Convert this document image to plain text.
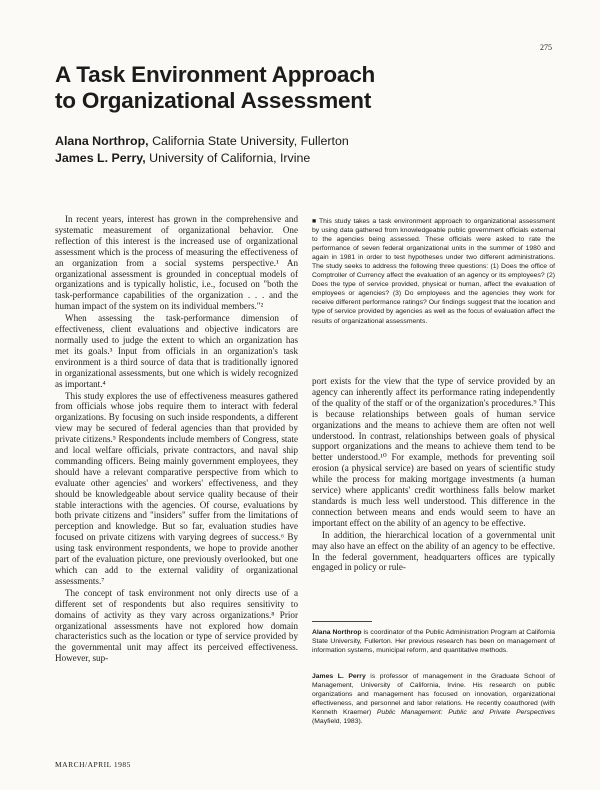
275
A Task Environment Approach
to Organizational Assessment
Alana Northrop, California State University, Fullerton
James L. Perry, University of California, Irvine

In recent years, interest has grown in the comprehensive and systematic measurement of organizational behavior. One reflection of this interest is the increased use of organizational assessment which is the process of measuring the effectiveness of an organization from a social systems perspective.¹ An organizational assessment is grounded in conceptual models of organizations and is typically holistic, i.e., focused on "both the task-performance capabilities of the organization . . . and the human impact of the system on its individual members."²

When assessing the task-performance dimension of effectiveness, client evaluations and objective indicators are normally used to judge the extent to which an organization has met its goals.³ Input from officials in an organization's task environment is a third source of data that is traditionally ignored in organizational assessments, but one which is widely recognized as important.⁴

This study explores the use of effectiveness measures gathered from officials whose jobs require them to interact with federal organizations. By focusing on such inside respondents, a different view may be secured of federal agencies than that provided by private citizens.⁵ Respondents include members of Congress, state and local welfare officials, private contractors, and naval ship commanding officers. Being mainly government employees, they should have a relevant comparative perspective from which to evaluate other agencies' and workers' effectiveness, and they should be knowledgeable about service quality because of their stable interactions with the agencies. Of course, evaluations by both private citizens and "insiders" suffer from the limitations of perception and knowledge. But so far, evaluation studies have focused on private citizens with varying degrees of success.⁶ By using task environment respondents, we hope to provide another part of the evaluation picture, one previously overlooked, but one which can add to the external validity of organizational assessments.⁷

The concept of task environment not only directs use of a different set of respondents but also requires sensitivity to domains of activity as they vary across organizations.⁸ Prior organizational assessments have not explored how domain characteristics such as the location or type of service provided by the governmental unit may affect its perceived effectiveness. However, sup-

■ This study takes a task environment approach to organizational assessment by using data gathered from knowledgeable public government officials external to the agencies being assessed. These officials were asked to rate the performance of seven federal organizational units in the summer of 1980 and again in 1981 in order to test hypotheses under two different administrations. The study seeks to address the following three questions: (1) Does the office of Comptroller of Currency affect the evaluation of an agency or its employees? (2) Does the type of service provided, physical or human, affect the evaluation of employees or agencies? (3) Do employees and the agencies they work for receive different performance ratings? Our findings suggest that the location and type of service provided by agencies as well as the focus of evaluation affect the results of organizational assessments.

port exists for the view that the type of service provided by an agency can inherently affect its performance rating independently of the quality of the staff or of the organization's procedures.⁹ This is because relationships between goals of human service organizations and the means to achieve them are often not well understood. In contrast, relationships between goals of physical support organizations and the means to achieve them tend to be better understood.¹⁰ For example, methods for preventing soil erosion (a physical service) are based on years of scientific study while the process for making mortgage investments (a human service) where applicants' credit worthiness falls below market standards is much less well understood. This difference in the connection between means and ends would seem to have an important effect on the ability of an agency to be effective.

In addition, the hierarchical location of a governmental unit may also have an effect on the ability of an agency to be effective. In the federal government, headquarters offices are typically engaged in policy or rule-

Alana Northrop is coordinator of the Public Administration Program at California State University, Fullerton. Her previous research has been on management of information systems, municipal reform, and quantitative methods.

James L. Perry is professor of management in the Graduate School of Management, University of California, Irvine. His research on public organizations and management has focused on innovation, organizational effectiveness, and personnel and labor relations. He recently coauthored (with Kenneth Kraemer) Public Management: Public and Private Perspectives (Mayfield, 1983).

MARCH/APRIL 1985
